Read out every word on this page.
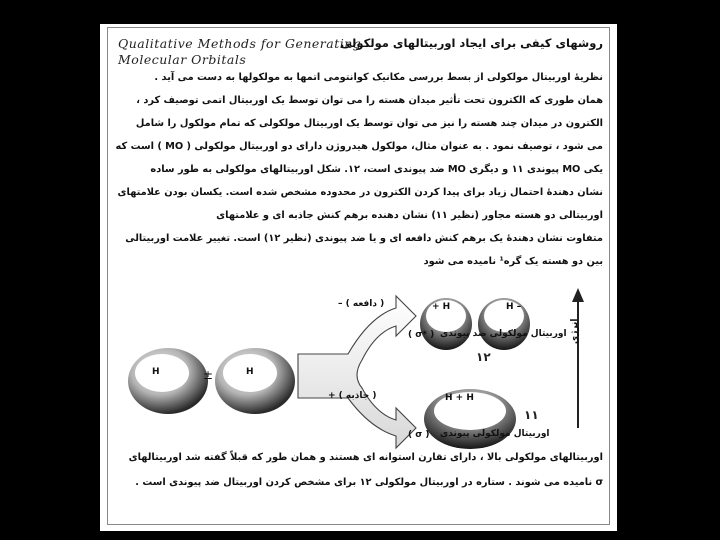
Qualitative Methods for Generating
Molecular Orbitals
روشهای کیفی برای ایجاد اوربیتالهای مولکولی
نظریهٔ اوربیتال مولکولی از بسط بررسی مکانیک کوانتومی اتمها به مولکولها به دست می آید .
همان طوری که الکترون تحت تأثیر میدان هسته را می توان توسط یک اوربیتال اتمی توصیف کرد ،
الکترون در میدان چند هسته را نیز می توان توسط یک اوربیتال مولکولی که تمام مولکول را شامل
می شود ، توصیف نمود . به عنوان مثال، مولکول هیدروژن دارای دو اوربیتال مولکولی ( MO ) است که
یکی MO پیوندی ۱۱ و دیگری MO ضد پیوندی است، ۱۲. شکل اوربیتالهای مولکولی به طور ساده
نشان دهندهٔ احتمال زیاد برای پیدا کردن الکترون در محدوده مشخص شده است. یکسان بودن علامتهای
اوربیتالی دو هسته مجاور (نظیر ۱۱) نشان دهنده برهم کنش جاذبه ای و علامتهای
متفاوت نشان دهندهٔ یک برهم کنش دافعه ای و یا ضد پیوندی (نظیر ۱۲) است. تغییر علامت اوربیتالی
بین دو هسته یک گره¹ نامیده می شود
H	H
±
( دافعه ) –
( جاذبه ) +
+ H	H –
اوربیتال مولکولی ضد پیوندی
( σ* )
۱۲
H + H
۱۱
اوربیتال مولکولی پیوندی
( σ )
انرژی
اوربیتالهای مولکولی بالا ، دارای تقارن استوانه ای هستند و همان طور که قبلاً گفته شد اوربیتالهای
σ نامیده می شوند . ستاره در اوربیتال مولکولی ۱۲ برای مشخص کردن اوربیتال ضد پیوندی است .
7
